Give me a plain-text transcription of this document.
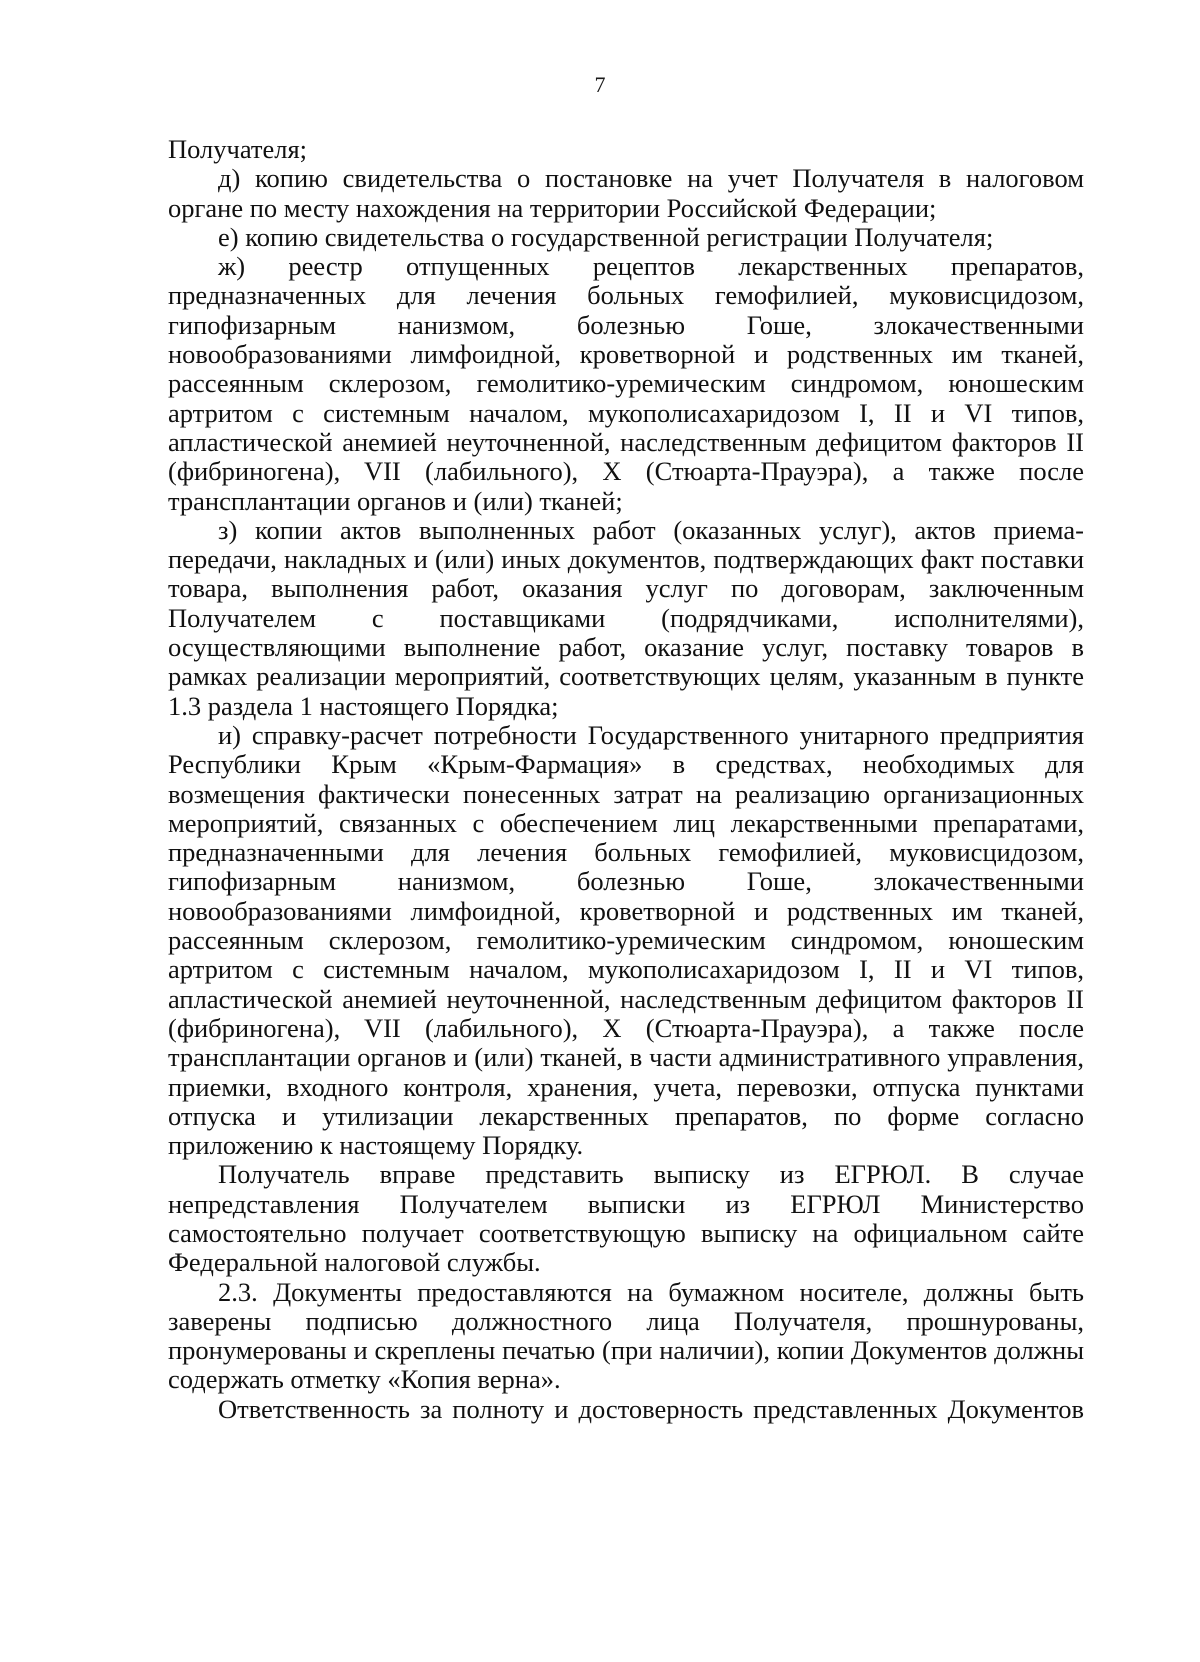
7

Получателя;

д) копию свидетельства о постановке на учет Получателя в налоговом органе по месту нахождения на территории Российской Федерации;

е) копию свидетельства о государственной регистрации Получателя;

ж) реестр отпущенных рецептов лекарственных препаратов, предназначенных для лечения больных гемофилией, муковисцидозом, гипофизарным нанизмом, болезнью Гоше, злокачественными новообразованиями лимфоидной, кроветворной и родственных им тканей, рассеянным склерозом, гемолитико-уремическим синдромом, юношеским артритом с системным началом, мукополисахаридозом I, II и VI типов, апластической анемией неуточненной, наследственным дефицитом факторов II (фибриногена), VII (лабильного), X (Стюарта-Прауэра), а также после трансплантации органов и (или) тканей;

з) копии актов выполненных работ (оказанных услуг), актов приема-передачи, накладных и (или) иных документов, подтверждающих факт поставки товара, выполнения работ, оказания услуг по договорам, заключенным Получателем с поставщиками (подрядчиками, исполнителями), осуществляющими выполнение работ, оказание услуг, поставку товаров в рамках реализации мероприятий, соответствующих целям, указанным в пункте 1.3 раздела 1 настоящего Порядка;

и) справку-расчет потребности Государственного унитарного предприятия Республики Крым «Крым-Фармация» в средствах, необходимых для возмещения фактически понесенных затрат на реализацию организационных мероприятий, связанных с обеспечением лиц лекарственными препаратами, предназначенными для лечения больных гемофилией, муковисцидозом, гипофизарным нанизмом, болезнью Гоше, злокачественными новообразованиями лимфоидной, кроветворной и родственных им тканей, рассеянным склерозом, гемолитико-уремическим синдромом, юношеским артритом с системным началом, мукополисахаридозом I, II и VI типов, апластической анемией неуточненной, наследственным дефицитом факторов II (фибриногена), VII (лабильного), X (Стюарта-Прауэра), а также после трансплантации органов и (или) тканей, в части административного управления, приемки, входного контроля, хранения, учета, перевозки, отпуска пунктами отпуска и утилизации лекарственных препаратов, по форме согласно приложению к настоящему Порядку.

Получатель вправе представить выписку из ЕГРЮЛ. В случае непредставления Получателем выписки из ЕГРЮЛ Министерство самостоятельно получает соответствующую выписку на официальном сайте Федеральной налоговой службы.

2.3. Документы предоставляются на бумажном носителе, должны быть заверены подписью должностного лица Получателя, прошнурованы, пронумерованы и скреплены печатью (при наличии), копии Документов должны содержать отметку «Копия верна».

Ответственность за полноту и достоверность представленных Документов
